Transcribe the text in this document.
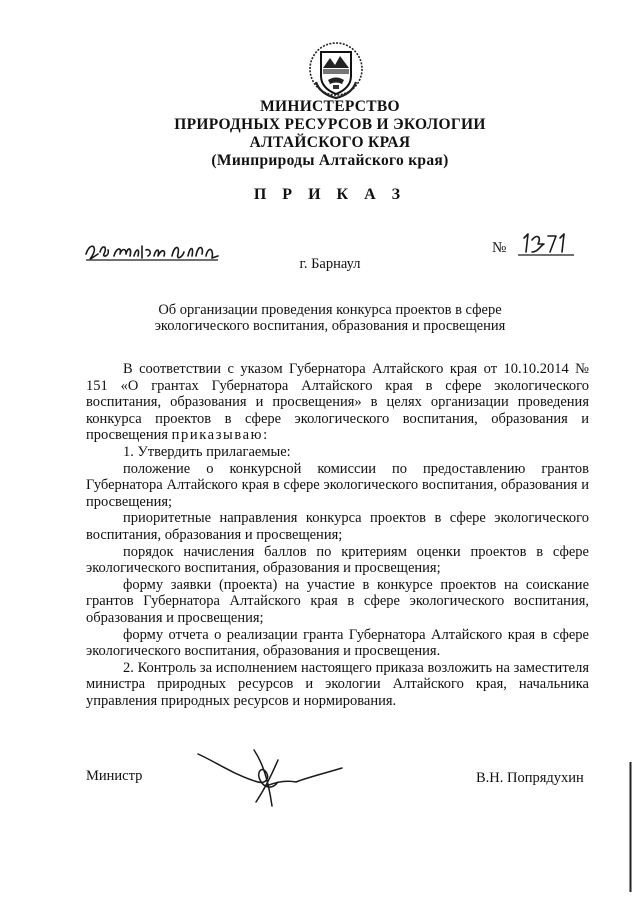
МИНИСТЕРСТВО
ПРИРОДНЫХ РЕСУРСОВ И ЭКОЛОГИИ
АЛТАЙСКОГО КРАЯ
(Минприроды Алтайского края)
П Р И К А З
№
г. Барнаул
Об организации проведения конкурса проектов в сфере
экологического воспитания, образования и просвещения

В соответствии с указом Губернатора Алтайского края от 10.10.2014 № 151 «О грантах Губернатора Алтайского края в сфере экологического воспитания, образования и просвещения» в целях организации проведения конкурса проектов в сфере экологического воспитания, образования и просвещения приказываю:

1. Утвердить прилагаемые:

положение о конкурсной комиссии по предоставлению грантов Губернатора Алтайского края в сфере экологического воспитания, образования и просвещения;

приоритетные направления конкурса проектов в сфере экологического воспитания, образования и просвещения;

порядок начисления баллов по критериям оценки проектов в сфере экологического воспитания, образования и просвещения;

форму заявки (проекта) на участие в конкурсе проектов на соискание грантов Губернатора Алтайского края в сфере экологического воспитания, образования и просвещения;

форму отчета о реализации гранта Губернатора Алтайского края в сфере экологического воспитания, образования и просвещения.

2. Контроль за исполнением настоящего приказа возложить на заместителя министра природных ресурсов и экологии Алтайского края, начальника управления природных ресурсов и нормирования.

Министр	В.Н. Попрядухин
